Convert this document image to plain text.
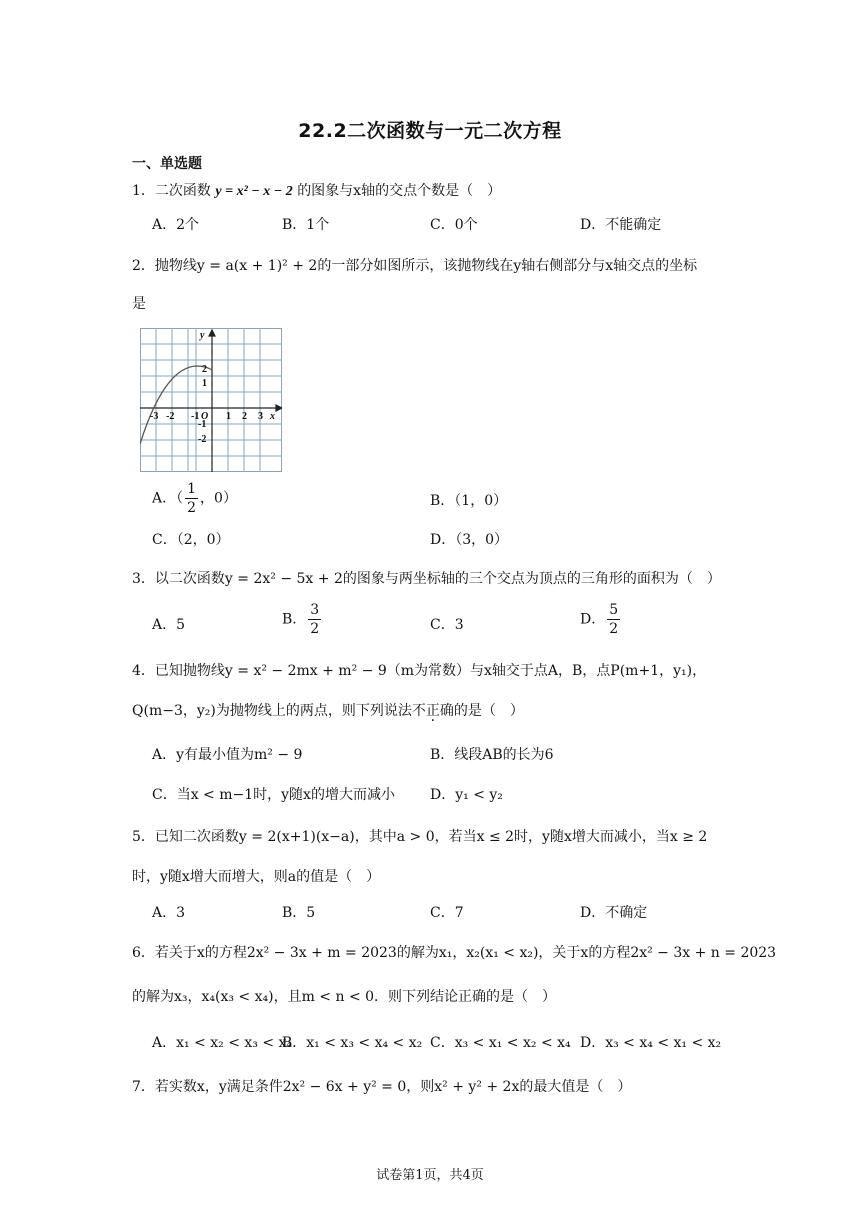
22.2二次函数与一元二次方程
一、单选题
1．二次函数 y = x² − x − 2 的图象与x轴的交点个数是（　）
A．2个	B．1个	C．0个	D．不能确定
2．抛物线y = a(x + 1)² + 2的一部分如图所示，该抛物线在y轴右侧部分与x轴交点的坐标
是
y
2
1
-3 -2 -1 O 1 2 3 x
-1
-2
A．（ $\frac{1}{2}$ ，0）	B．（1，0）
C．（2，0）	D．（3，0）
3．以二次函数y = 2x² − 5x + 2的图象与两坐标轴的三个交点为顶点的三角形的面积为（　）
A．5	B． $\frac{3}{2}$	C．3	D． $\frac{5}{2}$
4．已知抛物线y = x² − 2mx + m² − 9（m为常数）与x轴交于点A，B，点P(m+1，y₁)，
Q(m−3，y₂)为抛物线上的两点，则下列说法不正确的是（　）
A．y有最小值为m² − 9	B．线段AB的长为6
C．当x < m−1时，y随x的增大而减小	D．y₁ < y₂
5．已知二次函数y = 2(x+1)(x−a)，其中a > 0，若当x ≤ 2时，y随x增大而减小，当x ≥ 2
时，y随x增大而增大，则a的值是（　）
A．3	B．5	C．7	D．不确定
6．若关于x的方程2x² − 3x + m = 2023的解为x₁，x₂(x₁ < x₂)，关于x的方程2x² − 3x + n = 2023
的解为x₃，x₄(x₃ < x₄)，且m < n < 0．则下列结论正确的是（　）
A．x₁ < x₂ < x₃ < x₄
B．x₁ < x₃ < x₄ < x₂ C．x₃ < x₁ < x₂ < x₄ D．x₃ < x₄ < x₁ < x₂
7．若实数x，y满足条件2x² − 6x + y² = 0，则x² + y² + 2x的最大值是（　）
试卷第1页，共4页
